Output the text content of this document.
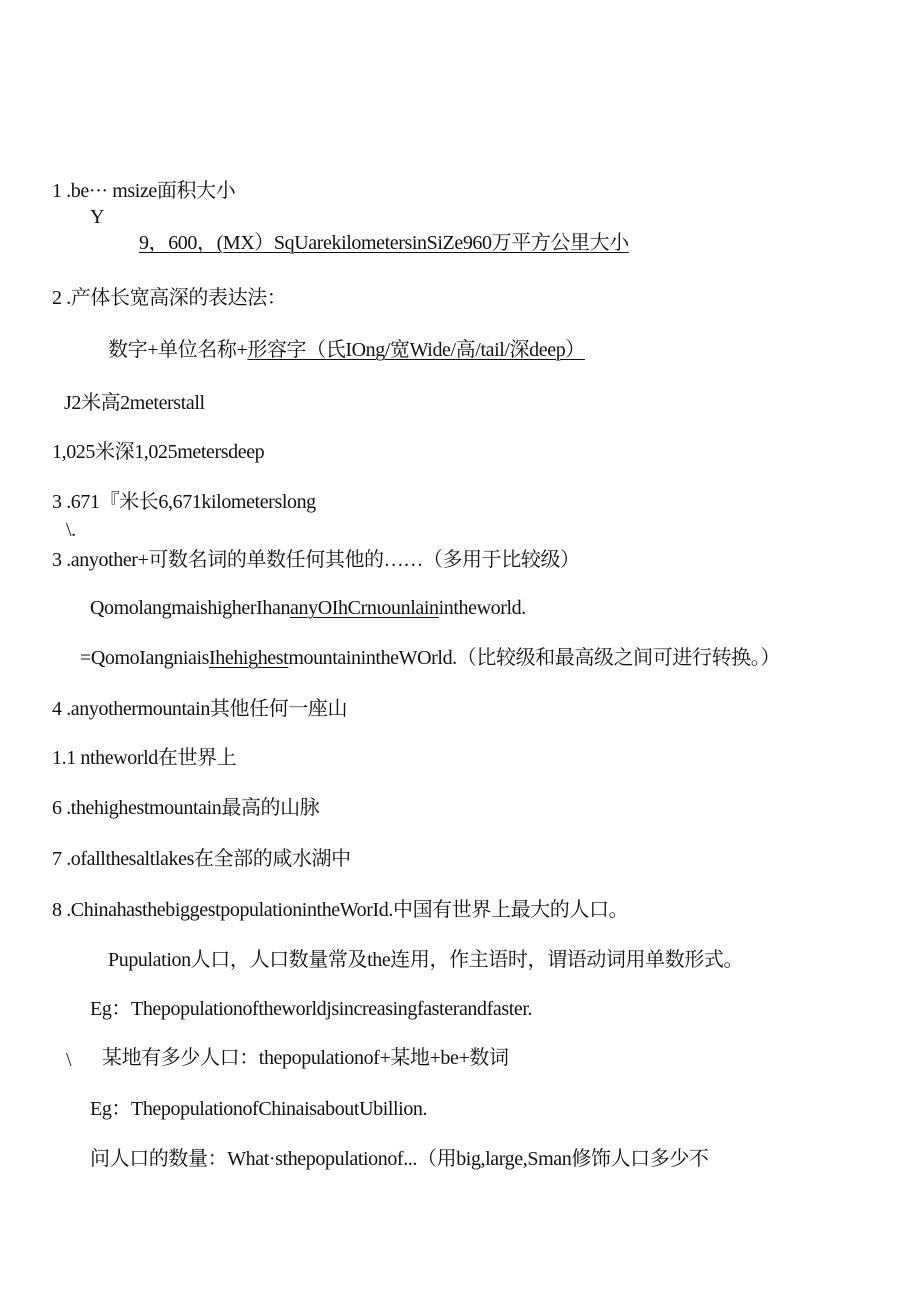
1 .be··· msize面积大小
Y
9，600，(MX）SqUarekilometersinSiZe960万平方公里大小
2 .产体长宽高深的表达法：
数字+单位名称+形容字（氏IOng/宽Wide/高/tail/深deep）
J2米高2meterstall
1,025米深1,025metersdeep
3 .671『米长6,671kilometerslong
\.
3 .anyother+可数名词的单数任何其他的……（多用于比较级）
QomolangmaishigherIhananyOIhCrnιounlainintheworld.
=QomoIangniaisIhehighestmountainintheWOrld.（比较级和最高级之间可进行转换。）
4 .anyothermountain其他任何一座山
1.1 ntheworld在世界上
6 .thehighestmountain最高的山脉
7 .ofallthesaltlakes在全部的咸水湖中
8 .ChinahasthebiggestpopulationintheWorId.中国有世界上最大的人口。
Pupulation人口，人口数量常及the连用，作主语时，谓语动词用单数形式。
Eg：Thepopulationoftheworldjsincreasingfasterandfaster.
\ 某地有多少人口：thepopulationof+某地+be+数词
Eg：ThepopulationofChinaisaboutUbillion.
问人口的数量：What·sthepopulationof...（用big,large,Sman修饰人口多少不
